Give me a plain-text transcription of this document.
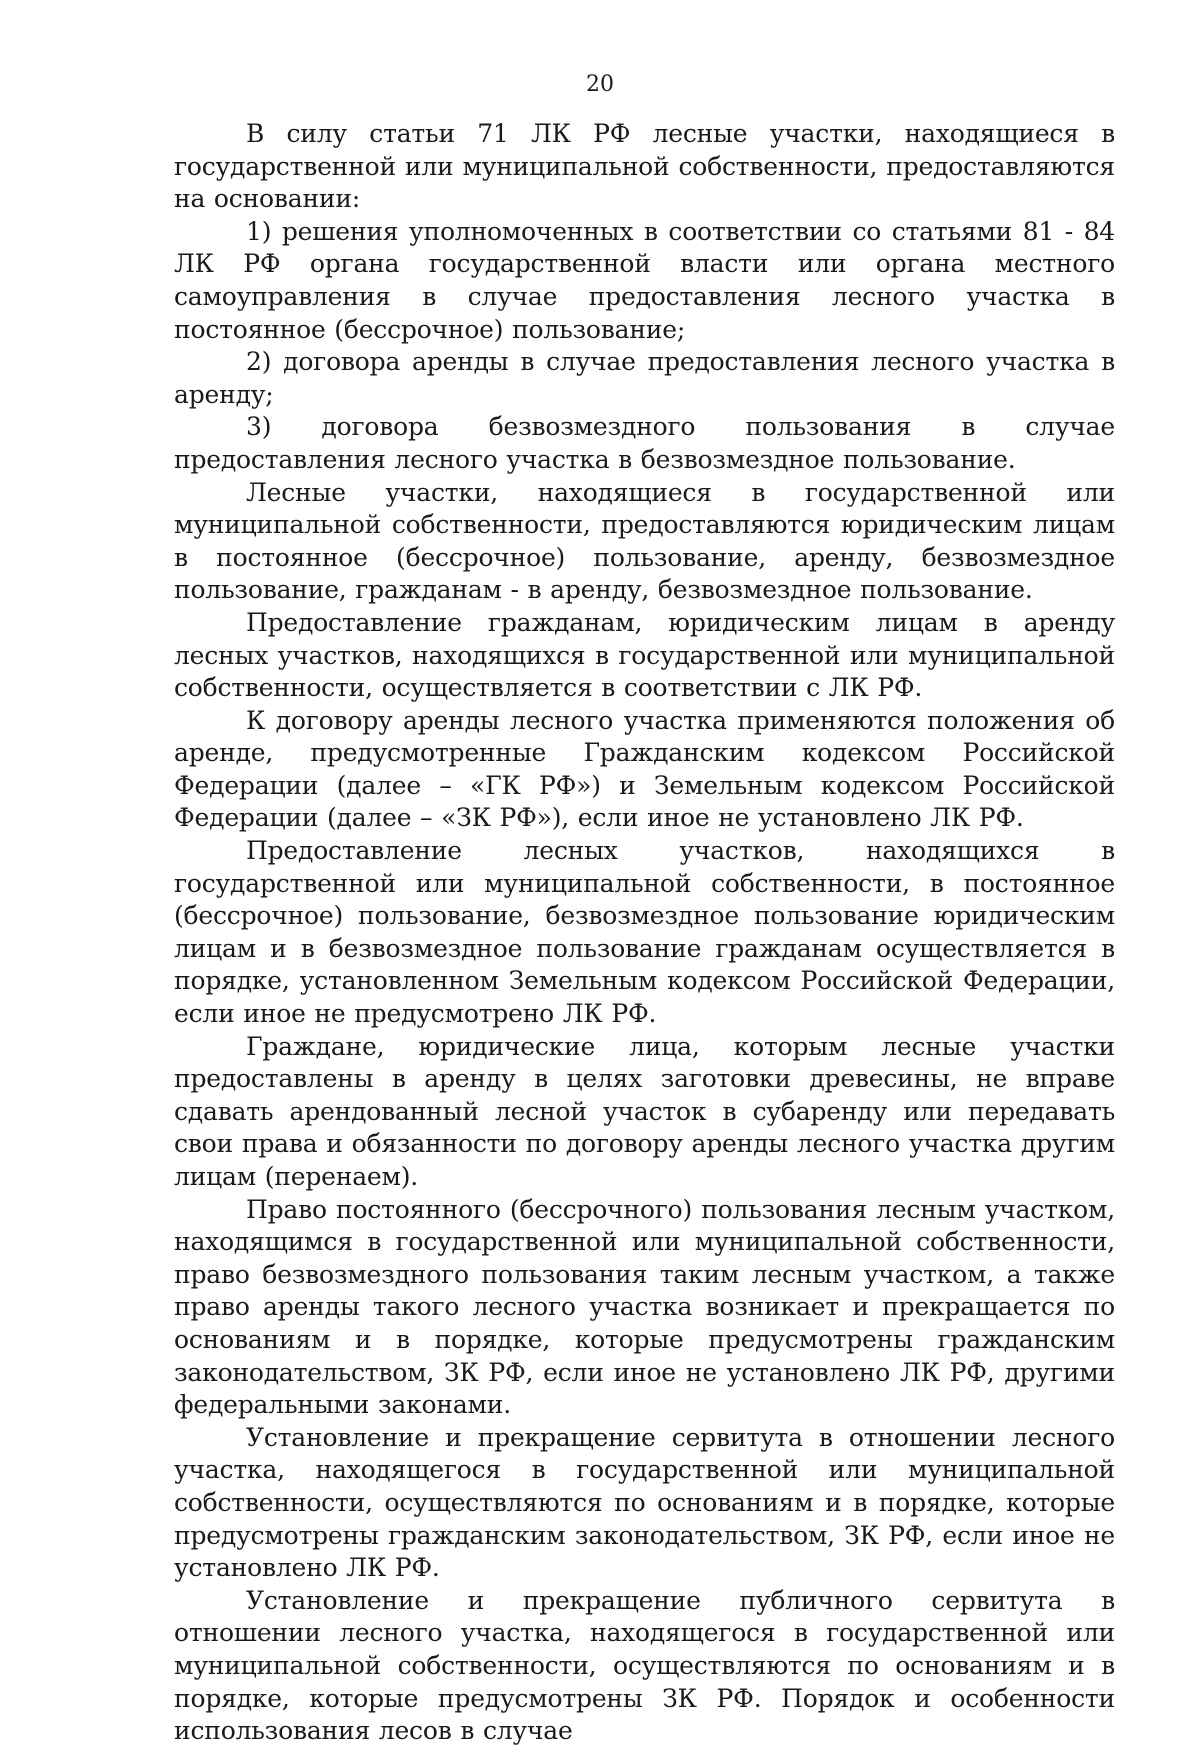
20

В силу статьи 71 ЛК РФ лесные участки, находящиеся в государственной или муниципальной собственности, предоставляются на основании:

1) решения уполномоченных в соответствии со статьями 81 - 84 ЛК РФ органа государственной власти или органа местного самоуправления в случае предоставления лесного участка в постоянное (бессрочное) пользование;

2) договора аренды в случае предоставления лесного участка в аренду;

3) договора безвозмездного пользования в случае предоставления лесного участка в безвозмездное пользование.

Лесные участки, находящиеся в государственной или муниципальной собственности, предоставляются юридическим лицам в постоянное (бессрочное) пользование, аренду, безвозмездное пользование, гражданам - в аренду, безвозмездное пользование.

Предоставление гражданам, юридическим лицам в аренду лесных участков, находящихся в государственной или муниципальной собственности, осуществляется в соответствии с ЛК РФ.

К договору аренды лесного участка применяются положения об аренде, предусмотренные Гражданским кодексом Российской Федерации (далее – «ГК РФ») и Земельным кодексом Российской Федерации (далее – «ЗК РФ»), если иное не установлено ЛК РФ.

Предоставление лесных участков, находящихся в государственной или муниципальной собственности, в постоянное (бессрочное) пользование, безвозмездное пользование юридическим лицам и в безвозмездное пользование гражданам осуществляется в порядке, установленном Земельным кодексом Российской Федерации, если иное не предусмотрено ЛК РФ.

Граждане, юридические лица, которым лесные участки предоставлены в аренду в целях заготовки древесины, не вправе сдавать арендованный лесной участок в субаренду или передавать свои права и обязанности по договору аренды лесного участка другим лицам (перенаем).

Право постоянного (бессрочного) пользования лесным участком, находящимся в государственной или муниципальной собственности, право безвозмездного пользования таким лесным участком, а также право аренды такого лесного участка возникает и прекращается по основаниям и в порядке, которые предусмотрены гражданским законодательством, ЗК РФ, если иное не установлено ЛК РФ, другими федеральными законами.

Установление и прекращение сервитута в отношении лесного участка, находящегося в государственной или муниципальной собственности, осуществляются по основаниям и в порядке, которые предусмотрены гражданским законодательством, ЗК РФ, если иное не установлено ЛК РФ.

Установление и прекращение публичного сервитута в отношении лесного участка, находящегося в государственной или муниципальной собственности, осуществляются по основаниям и в порядке, которые предусмотрены ЗК РФ. Порядок и особенности использования лесов в случае
